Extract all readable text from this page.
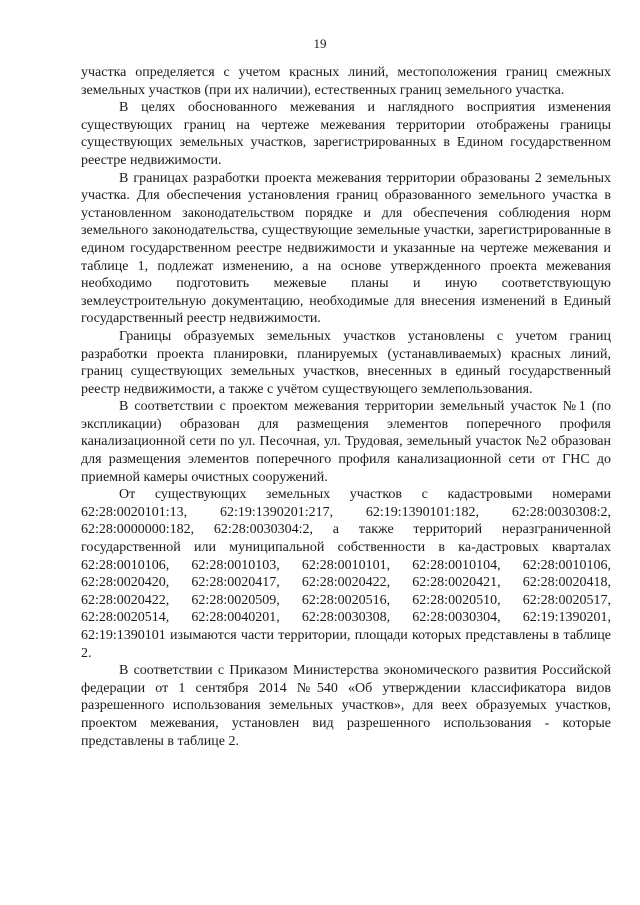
19

участка определяется с учетом красных линий, местоположения границ смежных земельных участков (при их наличии), естественных границ земельного участка.

В целях обоснованного межевания и наглядного восприятия изменения существующих границ на чертеже межевания территории отображены границы существующих земельных участков, зарегистрированных в Едином государственном реестре недвижимости.

В границах разработки проекта межевания территории образованы 2 земельных участка. Для обеспечения установления границ образованного земельного участка в установленном законодательством порядке и для обеспечения соблюдения норм земельного законодательства, существующие земельные участки, зарегистрированные в едином государственном реестре недвижимости и указанные на чертеже межевания и таблице 1, подлежат изменению, а на основе утвержденного проекта межевания необходимо подготовить межевые планы и иную соответствующую землеустроительную документацию, необходимые для внесения изменений в Единый государственный реестр недвижимости.

Границы образуемых земельных участков установлены с учетом границ разработки проекта планировки, планируемых (устанавливаемых) красных линий, границ существующих земельных участков, внесенных в единый государственный реестр недвижимости, а также с учётом существующего землепользования.

В соответствии с проектом межевания территории земельный участок №1 (по экспликации) образован для размещения элементов поперечного профиля канализационной сети по ул. Песочная, ул. Трудовая, земельный участок №2 образован для размещения элементов поперечного профиля канализационной сети от ГНС до приемной камеры очистных сооружений.

От существующих земельных участков с кадастровыми номерами 62:28:0020101:13, 62:19:1390201:217, 62:19:1390101:182, 62:28:0030308:2, 62:28:0000000:182, 62:28:0030304:2, а также территорий неразграниченной государственной или муниципальной собственности в ка-дастровых кварталах 62:28:0010106, 62:28:0010103, 62:28:0010101, 62:28:0010104, 62:28:0010106, 62:28:0020420, 62:28:0020417, 62:28:0020422, 62:28:0020421, 62:28:0020418, 62:28:0020422, 62:28:0020509, 62:28:0020516, 62:28:0020510, 62:28:0020517, 62:28:0020514, 62:28:0040201, 62:28:0030308, 62:28:0030304, 62:19:1390201, 62:19:1390101 изымаются части территории, площади которых представлены в таблице 2.

В соответствии с Приказом Министерства экономического развития Российской федерации от 1 сентября 2014 №540 «Об утверждении классификатора видов разрешенного использования земельных участков», для веех образуемых участков, проектом межевания, установлен вид разрешенного использования - которые представлены в таблице 2.
